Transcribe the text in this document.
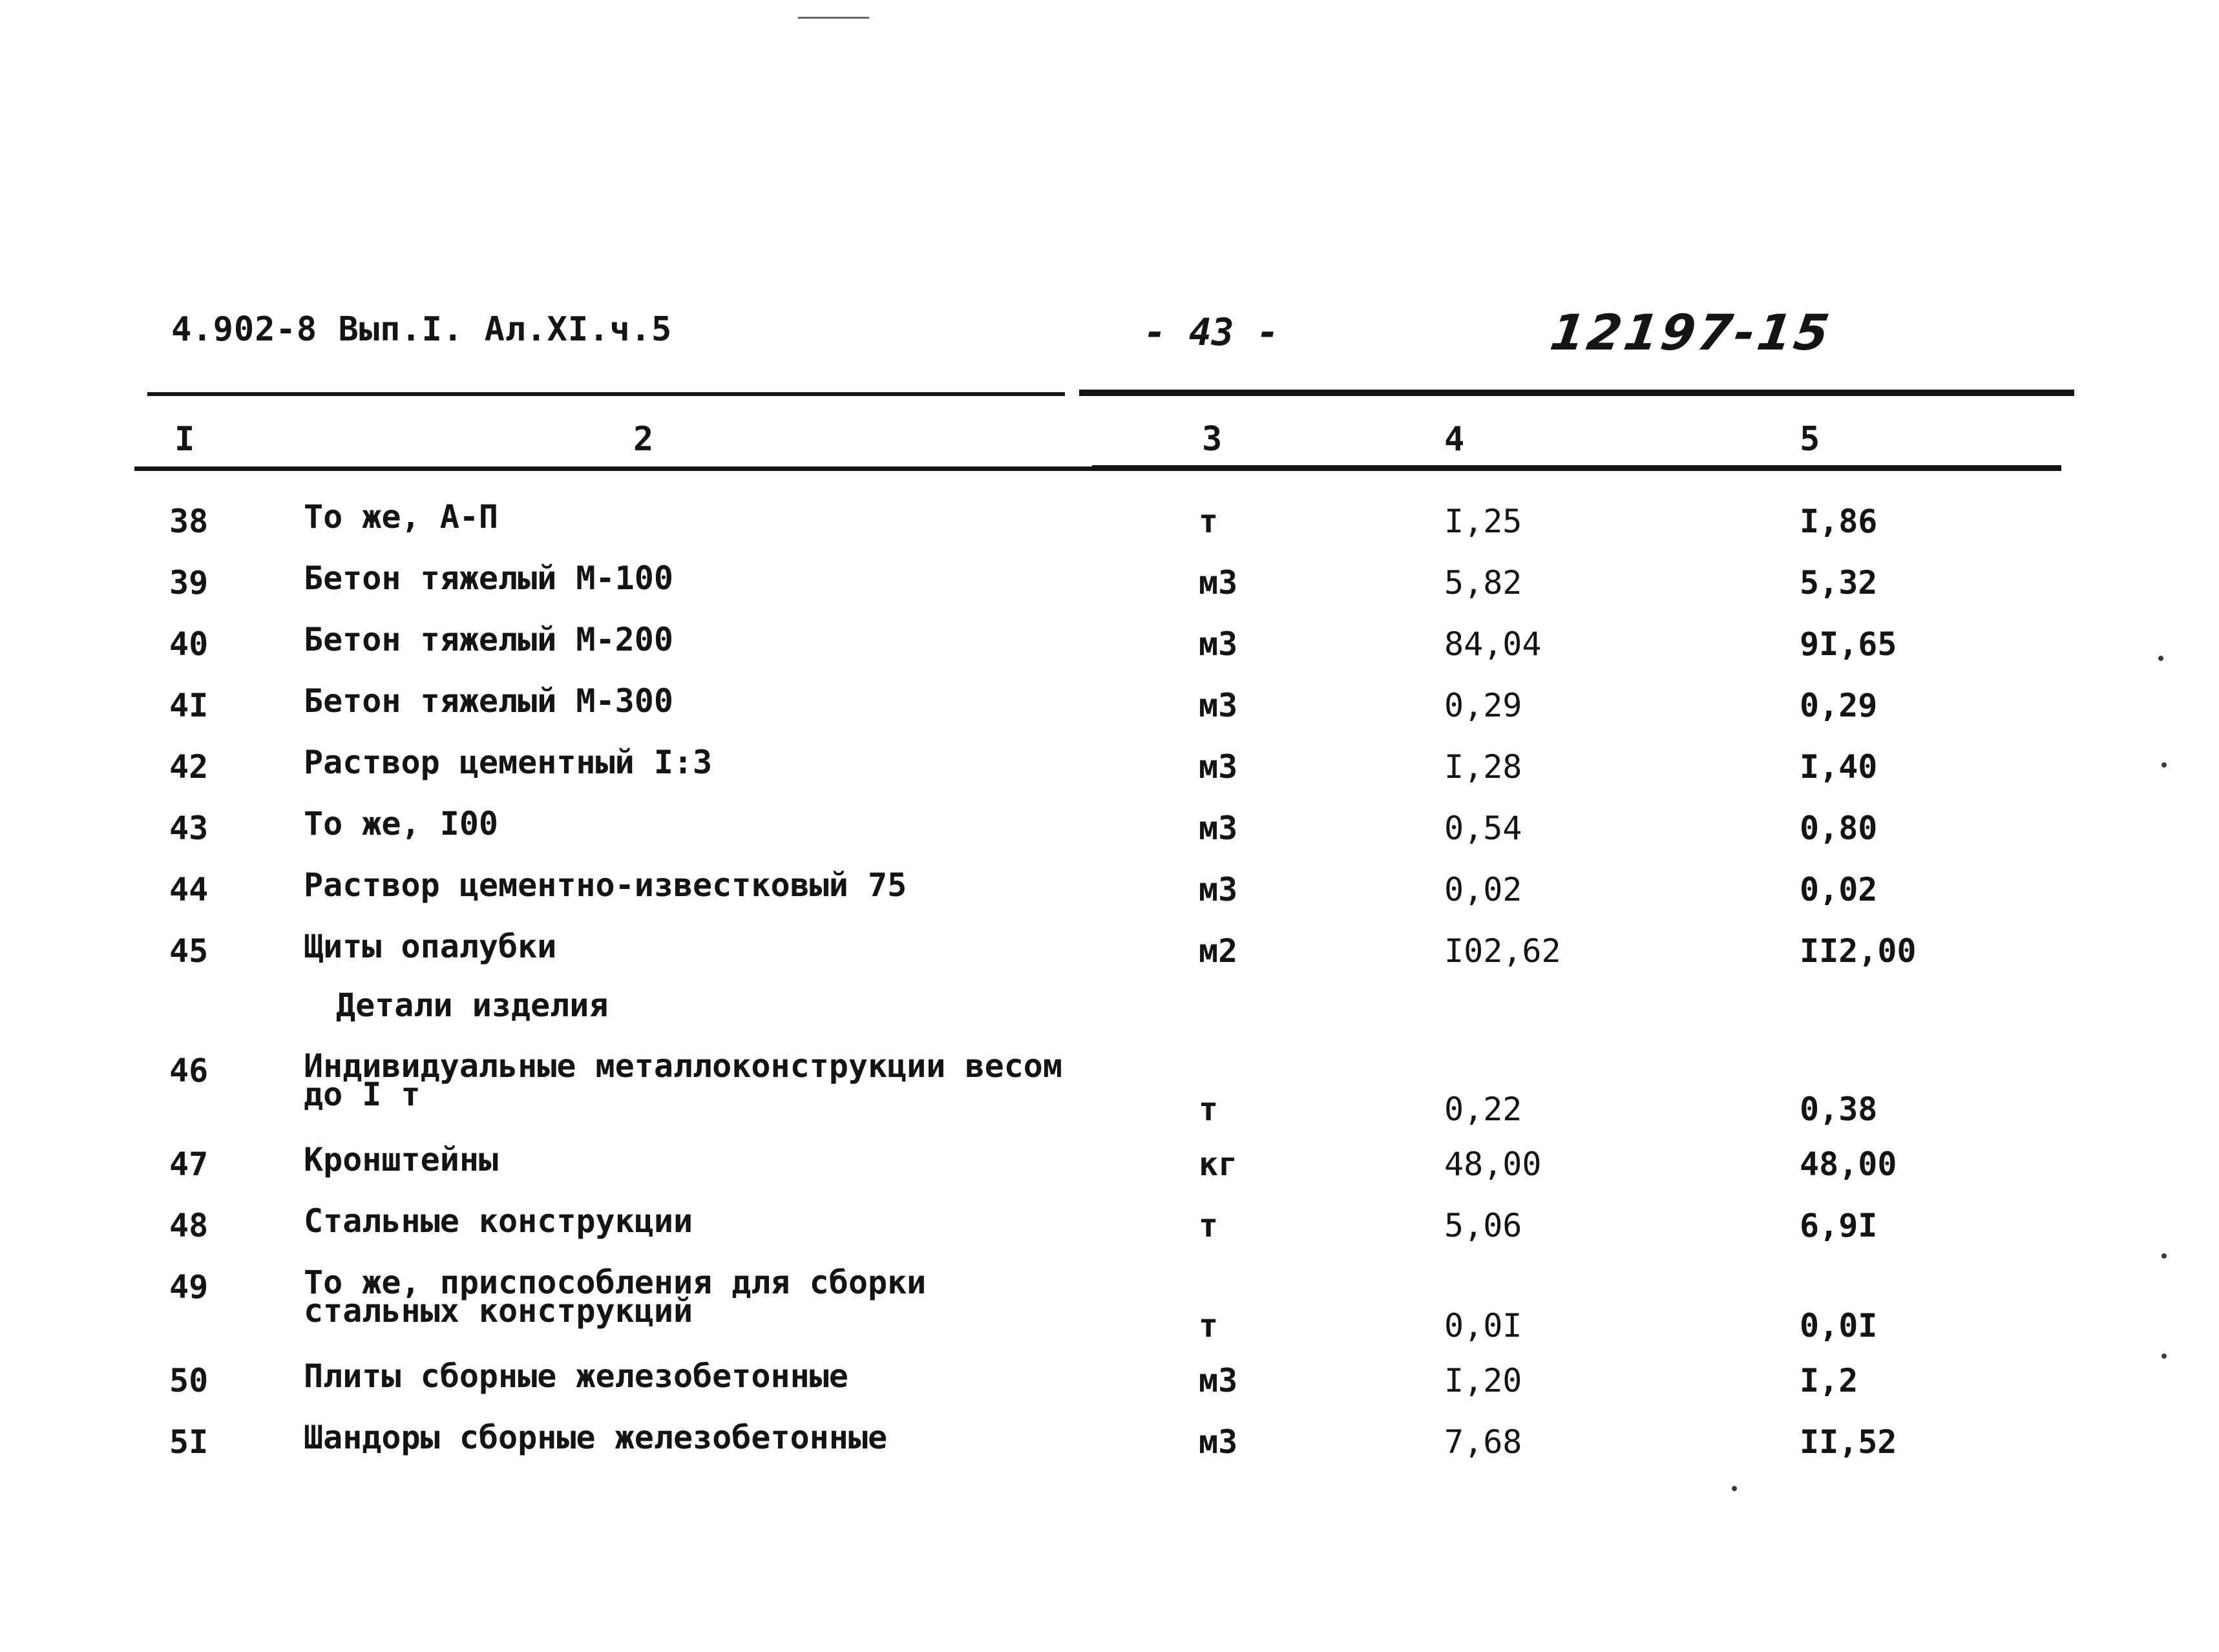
4.902-8 Вып.I. Ал.XI.ч.5	- 43 -	12197-15
I	2	3	4	5
38	То же, А-П	т	I,25	I,86
39	Бетон тяжелый М-100	м3	5,82	5,32
40	Бетон тяжелый М-200	м3	84,04	9I,65
4I	Бетон тяжелый М-300	м3	0,29	0,29
42	Раствор цементный I:3	м3	I,28	I,40
43	То же, I00	м3	0,54	0,80
44	Раствор цементно-известковый 75	м3	0,02	0,02
45	Щиты опалубки	м2	I02,62	II2,00
Детали изделия
46	Индивидуальные металлоконструкции весом
до I т	т	0,22	0,38
47	Кронштейны	кг	48,00	48,00
48	Стальные конструкции	т	5,06	6,9I
49	То же, приспособления для сборки
стальных конструкций	т	0,0I	0,0I
50	Плиты сборные железобетонные	м3	I,20	I,2
5I	Шандоры сборные железобетонные	м3	7,68	II,52
